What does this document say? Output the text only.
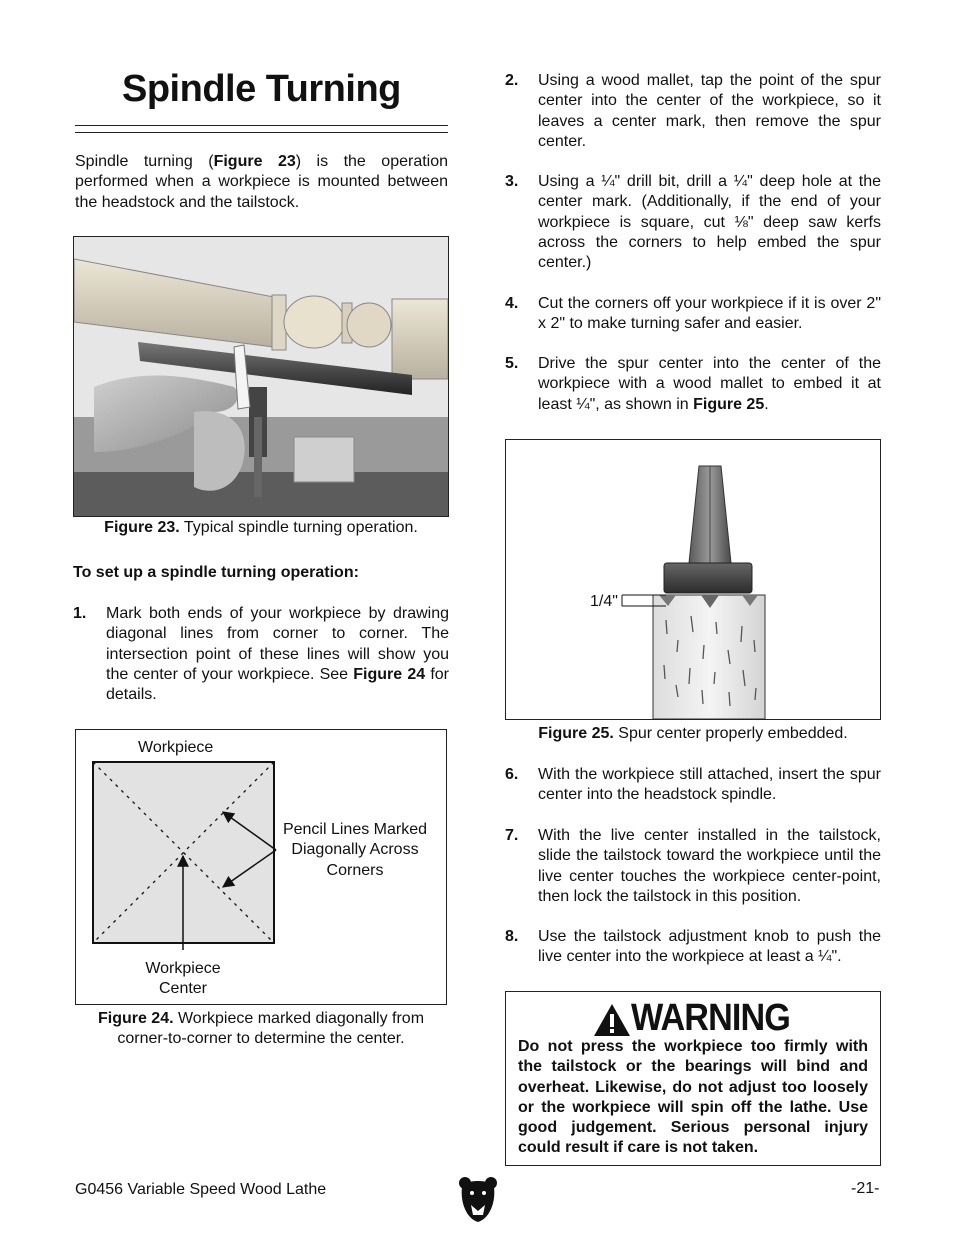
Spindle Turning
Spindle turning (Figure 23) is the operation performed when a workpiece is mounted between the headstock and the tailstock.
Figure 23. Typical spindle turning operation.
To set up a spindle turning operation:
1. Mark both ends of your workpiece by drawing diagonal lines from corner to corner. The intersection point of these lines will show you the center of your workpiece. See Figure 24 for details.
Workpiece
Pencil Lines Marked Diagonally Across Corners
Workpiece Center
Figure 24. Workpiece marked diagonally from corner-to-corner to determine the center.
2. Using a wood mallet, tap the point of the spur center into the center of the workpiece, so it leaves a center mark, then remove the spur center.
3. Using a ¼" drill bit, drill a ¼" deep hole at the center mark. (Additionally, if the end of your workpiece is square, cut ⅛" deep saw kerfs across the corners to help embed the spur center.)
4. Cut the corners off your workpiece if it is over 2" x 2" to make turning safer and easier.
5. Drive the spur center into the center of the workpiece with a wood mallet to embed it at least ¼", as shown in Figure 25.
1/4"
Figure 25. Spur center properly embedded.
6. With the workpiece still attached, insert the spur center into the headstock spindle.
7. With the live center installed in the tailstock, slide the tailstock toward the workpiece until the live center touches the workpiece center-point, then lock the tailstock in this position.
8. Use the tailstock adjustment knob to push the live center into the workpiece at least a ¼".
WARNING
Do not press the workpiece too firmly with the tailstock or the bearings will bind and overheat. Likewise, do not adjust too loosely or the workpiece will spin off the lathe. Use good judgement. Serious personal injury could result if care is not taken.
G0456 Variable Speed Wood Lathe	-21-
